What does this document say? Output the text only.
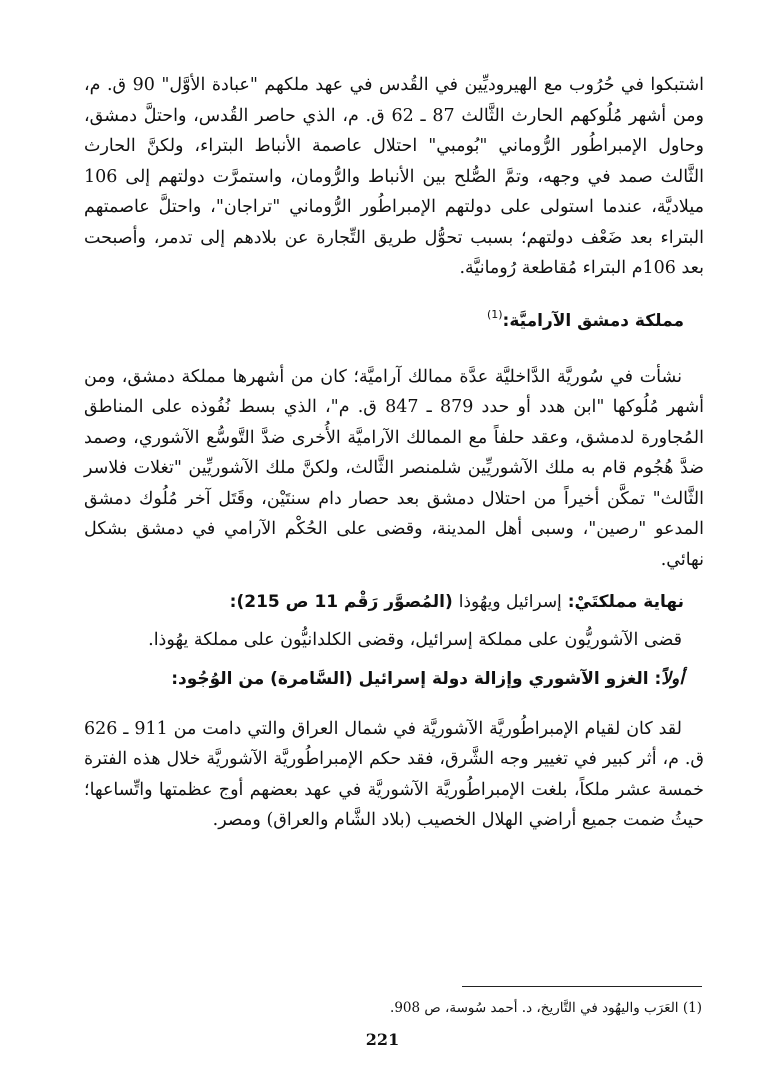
اشتبكوا في حُرُوب مع الهيروديِّين في القُدس في عهد ملكهم "عبادة الأوَّل" 90 ق. م، ومن أشهر مُلُوكهم الحارث الثَّالث 87 ـ 62 ق. م، الذي حاصر القُدس، واحتلَّ دمشق، وحاول الإمبراطُور الرُّوماني "بُومبي" احتلال عاصمة الأنباط البتراء، ولكنَّ الحارث الثَّالث صمد في وجهه، وتمَّ الصُّلح بين الأنباط والرُّومان، واستمرَّت دولتهم إلى 106 ميلاديَّة، عندما استولى على دولتهم الإمبراطُور الرُّوماني "تراجان"، واحتلَّ عاصمتهم البتراء بعد ضَعْف دولتهم؛ بسبب تحوُّل طريق التِّجارة عن بلادهم إلى تدمر، وأصبحت بعد 106م البتراء مُقاطعة رُومانيَّة.

مملكة دمشق الآراميَّة:$^{(1)}$

نشأت في سُوريَّة الدَّاخليَّة عدَّة ممالك آراميَّة؛ كان من أشهرها مملكة دمشق، ومن أشهر مُلُوكها "ابن هدد أو حدد 879 ـ 847 ق. م"، الذي بسط نُفُوذه على المناطق المُجاورة لدمشق، وعقد حلفاً مع الممالك الآراميَّة الأُخرى ضدَّ التَّوسُّع الآشوري، وصمد ضدَّ هُجُوم قام به ملك الآشوريِّين شلمنصر الثَّالث، ولكنَّ ملك الآشوريِّين "تغلات فلاسر الثَّالث" تمكَّن أخيراً من احتلال دمشق بعد حصار دام سنتَيْن، وقَتَل آخر مُلُوك دمشق المدعو "رصين"، وسبى أهل المدينة، وقضى على الحُكْم الآرامي في دمشق بشكل نهائي.

نهاية مملكتَيْ: إسرائيل ويهُوذا (المُصوَّر رَقْم 11 ص 215):

قضى الآشوريُّون على مملكة إسرائيل، وقضى الكلدانيُّون على مملكة يهُوذا.

أولاً: الغزو الآشوري وإزالة دولة إسرائيل (السَّامرة) من الوُجُود:

لقد كان لقيام الإمبراطُوريَّة الآشوريَّة في شمال العراق والتي دامت من 911 ـ 626 ق. م، أثر كبير في تغيير وجه الشَّرق، فقد حكم الإمبراطُوريَّة الآشوريَّة خلال هذه الفترة خمسة عشر ملكاً، بلغت الإمبراطُوريَّة الآشوريَّة في عهد بعضهم أوج عظمتها واتِّساعها؛ حيثُ ضمت جميع أراضي الهلال الخصيب (بلاد الشَّام والعراق) ومصر.

(1) العَرَب واليهُود في التَّاريخ، د. أحمد سُوسة، ص 908.
221
